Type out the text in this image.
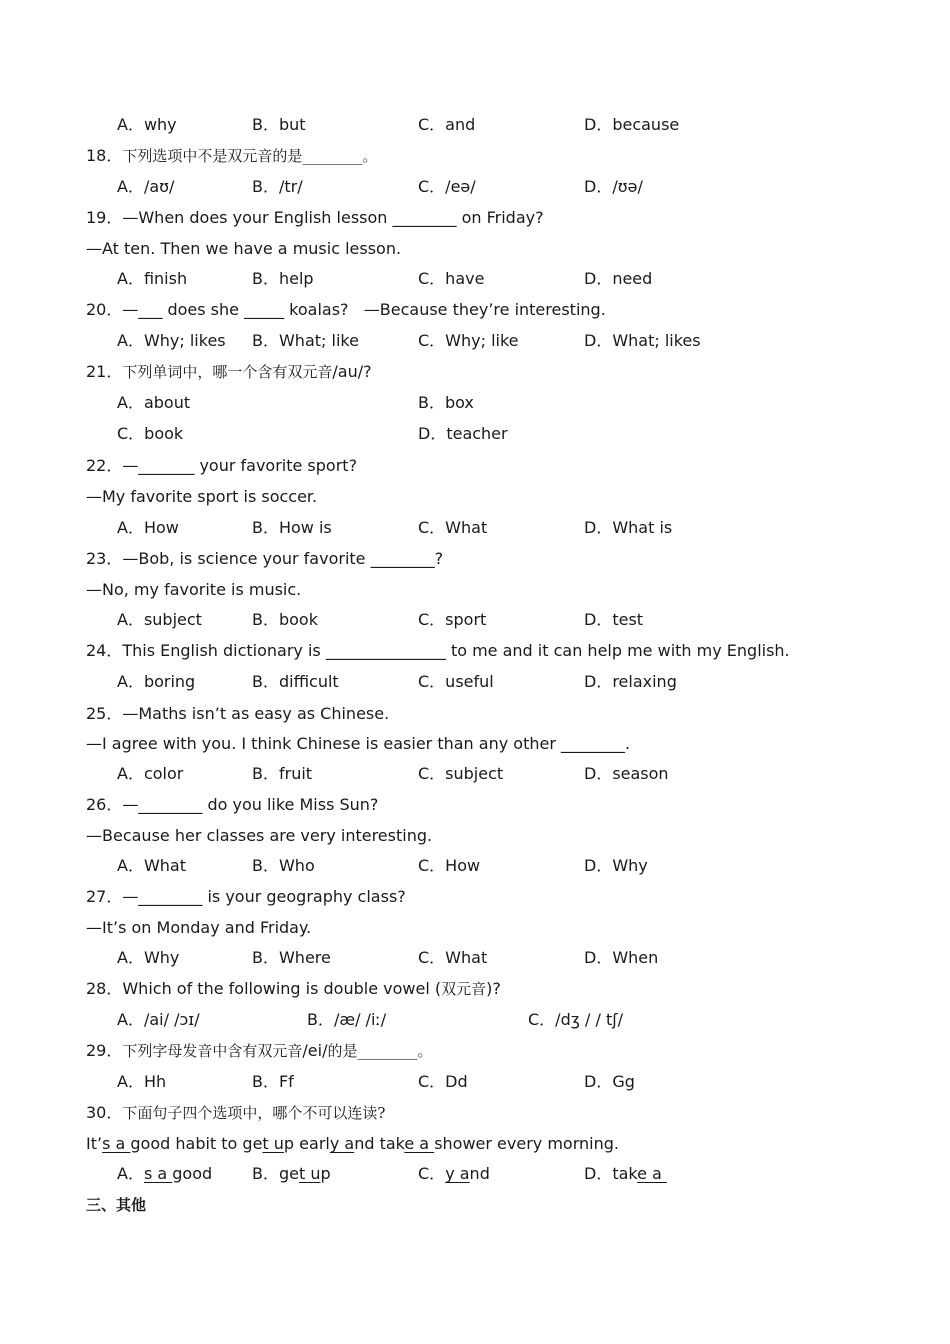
A．why	B．but	C．and	D．because
18．下列选项中不是双元音的是________。
A．/aʊ/	B．/tr/	C．/eə/	D．/ʊə/
19．—When does your English lesson ________ on Friday?
—At ten. Then we have a music lesson.
A．finish	B．help	C．have	D．need
20．—___ does she _____ koalas?   —Because they’re interesting.
A．Why; likes B．What; like	C．Why; like	D．What; likes
21．下列单词中，哪一个含有双元音/au/?
A．about	B．box
C．book	D．teacher
22．—_______ your favorite sport?
—My favorite sport is soccer.
A．How	B．How is	C．What	D．What is
23．—Bob, is science your favorite ________?
—No, my favorite is music.
A．subject	B．book	C．sport	D．test
24．This English dictionary is _______________ to me and it can help me with my English.
A．boring	B．difficult	C．useful	D．relaxing
25．—Maths isn’t as easy as Chinese.
—I agree with you. I think Chinese is easier than any other ________.
A．color	B．fruit	C．subject	D．season
26．—________ do you like Miss Sun?
—Because her classes are very interesting.
A．What	B．Who	C．How	D．Why
27．—________ is your geography class?
—It’s on Monday and Friday.
A．Why	B．Where	C．What	D．When
28．Which of the following is double vowel (双元音)?
A．/ai/ /ɔɪ/	B．/æ/ /iː/	C．/dʒ / / tʃ/
29．下列字母发音中含有双元音/ei/的是________。
A．Hh	B．Ff	C．Dd	D．Gg
30．下面句子四个选项中，哪个不可以连读?
It’s a good habit to get up early and take a shower every morning.
A．s a good B．get up	C．y and	D．take a
三、其他
